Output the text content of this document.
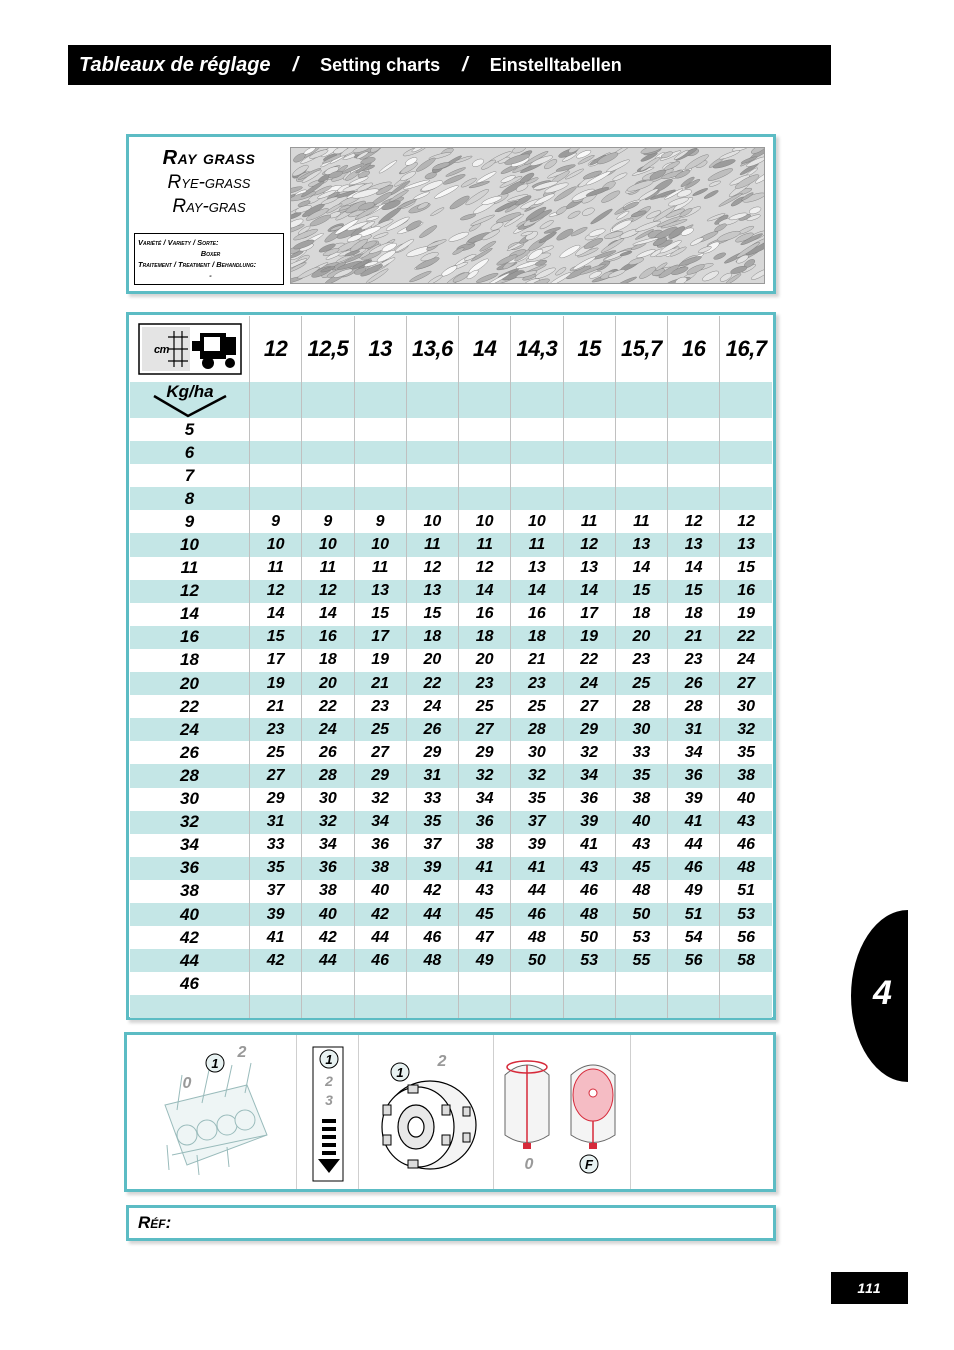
Tableaux de réglage / Setting charts / Einstelltabellen
Ray grass
Rye-grass
Ray-gras
Variété / Variety / Sorte:
Boxer
Traitement / Treatment / Behandlung:
-
cm	12	12,5	13	13,6	14	14,3	15	15,7	16	16,7

Kg/ha										

5										
6										
7										
8										
9	9	9	9	10	10	10	11	11	12	12
10	10	10	10	11	11	11	12	13	13	13
11	11	11	11	12	12	13	13	14	14	15
12	12	12	13	13	14	14	14	15	15	16
14	14	14	15	15	16	16	17	18	18	19
16	15	16	17	18	18	18	19	20	21	22
18	17	18	19	20	20	21	22	23	23	24
20	19	20	21	22	23	23	24	25	26	27
22	21	22	23	24	25	25	27	28	28	30
24	23	24	25	26	27	28	29	30	31	32
26	25	26	27	29	29	30	32	33	34	35
28	27	28	29	31	32	32	34	35	36	38
30	29	30	32	33	34	35	36	38	39	40
32	31	32	34	35	36	37	39	40	41	43
34	33	34	36	37	38	39	41	43	44	46
36	35	36	38	39	41	41	43	45	46	48
38	37	38	40	42	43	44	46	48	49	51
40	39	40	42	44	45	46	48	50	51	53
42	41	42	44	46	47	48	50	53	54	56
44	42	44	46	48	49	50	53	55	56	58
46										

1
2
0
1
2
3
1
2
0	F
Réf:
4
111
